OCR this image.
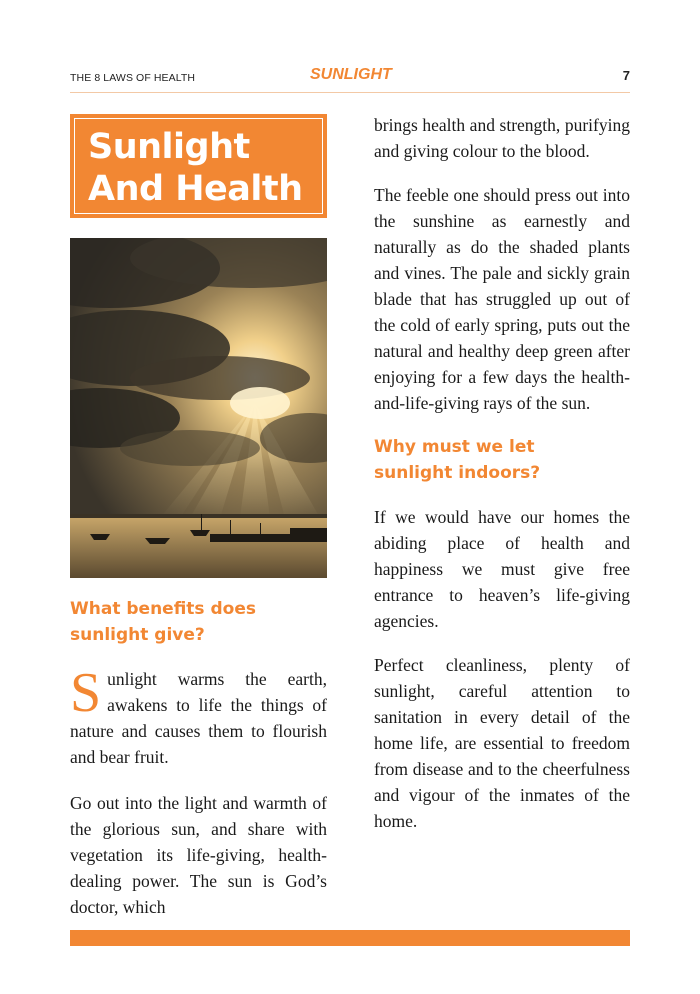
THE 8 LAWS OF HEALTH	SUNLIGHT	7
Sunlight
And Health
What benefits does
sunlight give?

Sunlight warms the earth, awakens to life the things of nature and causes them to flourish and bear fruit.

Go out into the light and warmth of the glorious sun, and share with vegetation its life-giving, health-dealing power. The sun is God’s doctor, which

brings health and strength, purifying and giving colour to the blood.

The feeble one should press out into the sunshine as earnestly and naturally as do the shaded plants and vines. The pale and sickly grain blade that has struggled up out of the cold of early spring, puts out the natural and healthy deep green after enjoying for a few days the health-and-life-giving rays of the sun.

Why must we let
sunlight indoors?

If we would have our homes the abiding place of health and happiness we must give free entrance to heaven’s life-giving agencies.

Perfect cleanliness, plenty of sunlight, careful attention to sanitation in every detail of the home life, are essential to freedom from disease and to the cheerfulness and vigour of the inmates of the home.
